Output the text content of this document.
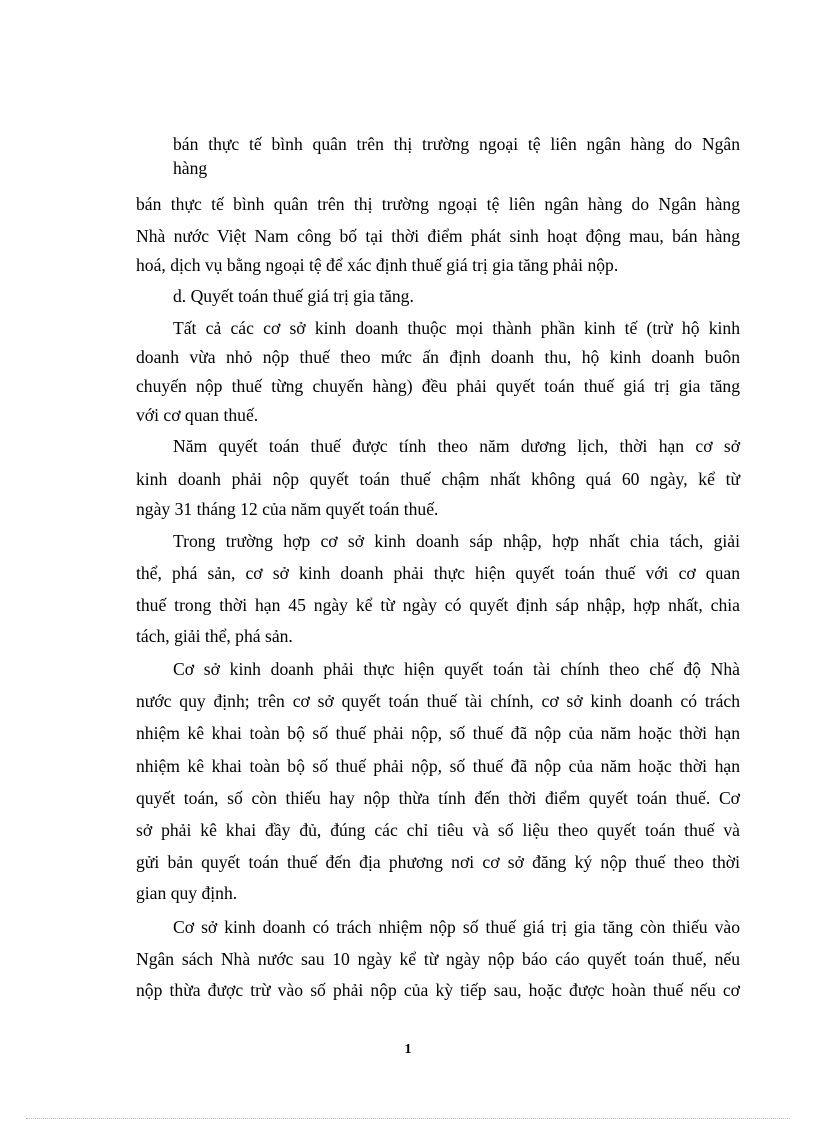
bán thực tế bình quân trên thị trường ngoại tệ liên ngân hàng do Ngân
hàng
bán thực tế bình quân trên thị trường ngoại tệ liên ngân hàng do Ngân hàng
Nhà nước Việt Nam công bố tại thời điểm phát sinh hoạt động mau, bán hàng
hoá, dịch vụ bằng ngoại tệ để xác định thuế giá trị gia tăng phải nộp.
d. Quyết toán thuế giá trị gia tăng.
Tất cả các cơ sở kinh doanh thuộc mọi thành phần kinh tế (trừ hộ kinh
doanh vừa nhỏ nộp thuế theo mức ấn định doanh thu, hộ kinh doanh buôn
chuyến nộp thuế từng chuyến hàng) đều phải quyết toán thuế giá trị gia tăng
với cơ quan thuế.
Năm quyết toán thuế được tính theo năm dương lịch, thời hạn cơ sở
kinh doanh phải nộp quyết toán thuế chậm nhất không quá 60 ngày, kể từ
ngày 31 tháng 12 của năm quyết toán thuế.
Trong trường hợp cơ sở kinh doanh sáp nhập, hợp nhất chia tách, giải
thể, phá sản, cơ sở kinh doanh phải thực hiện quyết toán thuế với cơ quan
thuế trong thời hạn 45 ngày kể từ ngày có quyết định sáp nhập, hợp nhất, chia
tách, giải thể, phá sản.
Cơ sở kinh doanh phải thực hiện quyết toán tài chính theo chế độ Nhà
nước quy định; trên cơ sở quyết toán thuế tài chính, cơ sở kinh doanh có trách
nhiệm kê khai toàn bộ số thuế phải nộp, số thuế đã nộp của năm hoặc thời hạn
nhiệm kê khai toàn bộ số thuế phải nộp, số thuế đã nộp của năm hoặc thời hạn
quyết toán, số còn thiếu hay nộp thừa tính đến thời điểm quyết toán thuế. Cơ
sở phải kê khai đầy đủ, đúng các chỉ tiêu và số liệu theo quyết toán thuế và
gửi bản quyết toán thuế đến địa phương nơi cơ sở đăng ký nộp thuế theo thời
gian quy định.
Cơ sở kinh doanh có trách nhiệm nộp số thuế giá trị gia tăng còn thiếu vào
Ngân sách Nhà nước sau 10 ngày kể từ ngày nộp báo cáo quyết toán thuế, nếu
nộp thừa được trừ vào số phải nộp của kỳ tiếp sau, hoặc được hoàn thuế nếu cơ
1
